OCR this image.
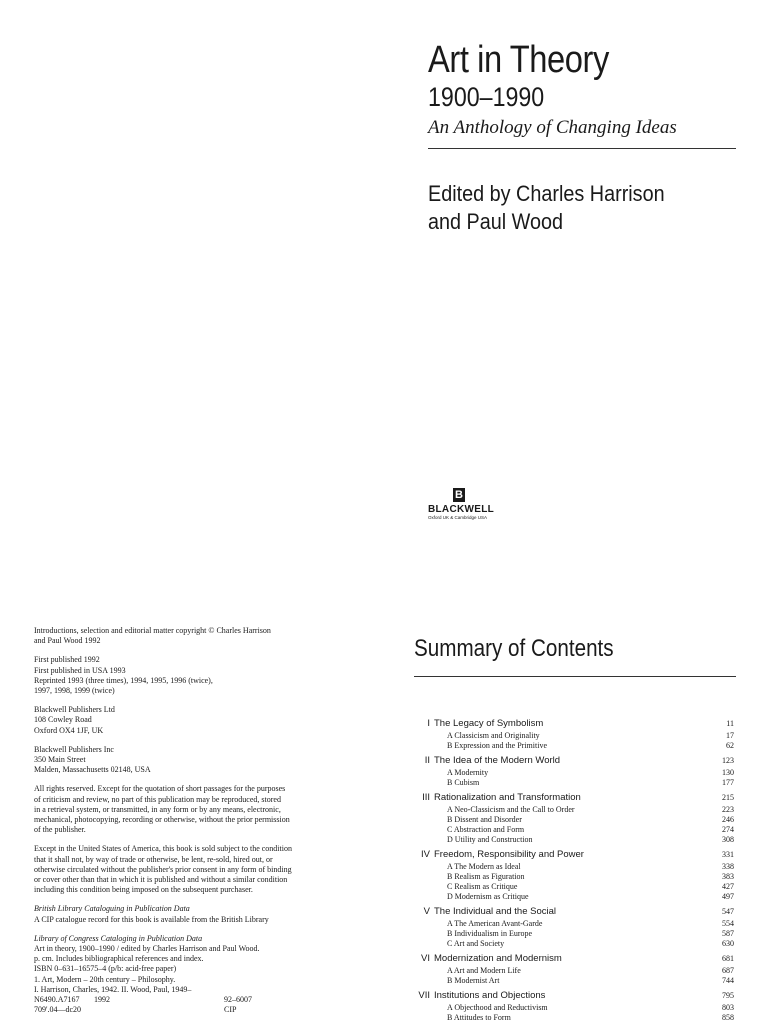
Art in Theory
1900–1990
An Anthology of Changing Ideas
Edited by Charles Harrison
and Paul Wood
B
BLACKWELL
Oxford UK & Cambridge USA

Introductions, selection and editorial matter copyright © Charles Harrison
and Paul Wood 1992

First published 1992
First published in USA 1993
Reprinted 1993 (three times), 1994, 1995, 1996 (twice),
1997, 1998, 1999 (twice)

Blackwell Publishers Ltd
108 Cowley Road
Oxford OX4 1JF, UK

Blackwell Publishers Inc
350 Main Street
Malden, Massachusetts 02148, USA

All rights reserved. Except for the quotation of short passages for the purposes
of criticism and review, no part of this publication may be reproduced, stored
in a retrieval system, or transmitted, in any form or by any means, electronic,
mechanical, photocopying, recording or otherwise, without the prior permission
of the publisher.

Except in the United States of America, this book is sold subject to the condition
that it shall not, by way of trade or otherwise, be lent, re-sold, hired out, or
otherwise circulated without the publisher's prior consent in any form of binding
or cover other than that in which it is published and without a similar condition
including this condition being imposed on the subsequent purchaser.

British Library Cataloguing in Publication Data
A CIP catalogue record for this book is available from the British Library

Library of Congress Cataloging in Publication Data
Art in theory, 1900–1990 / edited by Charles Harrison and Paul Wood.
p. cm. Includes bibliographical references and index.
ISBN 0–631–16575–4 (p/b: acid-free paper)
1. Art, Modern – 20th century – Philosophy.
I. Harrison, Charles, 1942. II. Wood, Paul, 1949–
N6490.A7167	1992	92–6007
709'.04—dc20	CIP

Summary of Contents
I The Legacy of Symbolism	11
A Classicism and Originality	17
B Expression and the Primitive	62
II The Idea of the Modern World	123
A Modernity	130
B Cubism	177
III Rationalization and Transformation	215
A Neo-Classicism and the Call to Order	223
B Dissent and Disorder	246
C Abstraction and Form	274
D Utility and Construction	308
IV Freedom, Responsibility and Power	331
A The Modern as Ideal	338
B Realism as Figuration	383
C Realism as Critique	427
D Modernism as Critique	497
V The Individual and the Social	547
A The American Avant-Garde	554
B Individualism in Europe	587
C Art and Society	630
VI Modernization and Modernism	681
A Art and Modern Life	687
B Modernist Art	744
VII Institutions and Objections	795
A Objecthood and Reductivism	803
B Attitudes to Form	858
